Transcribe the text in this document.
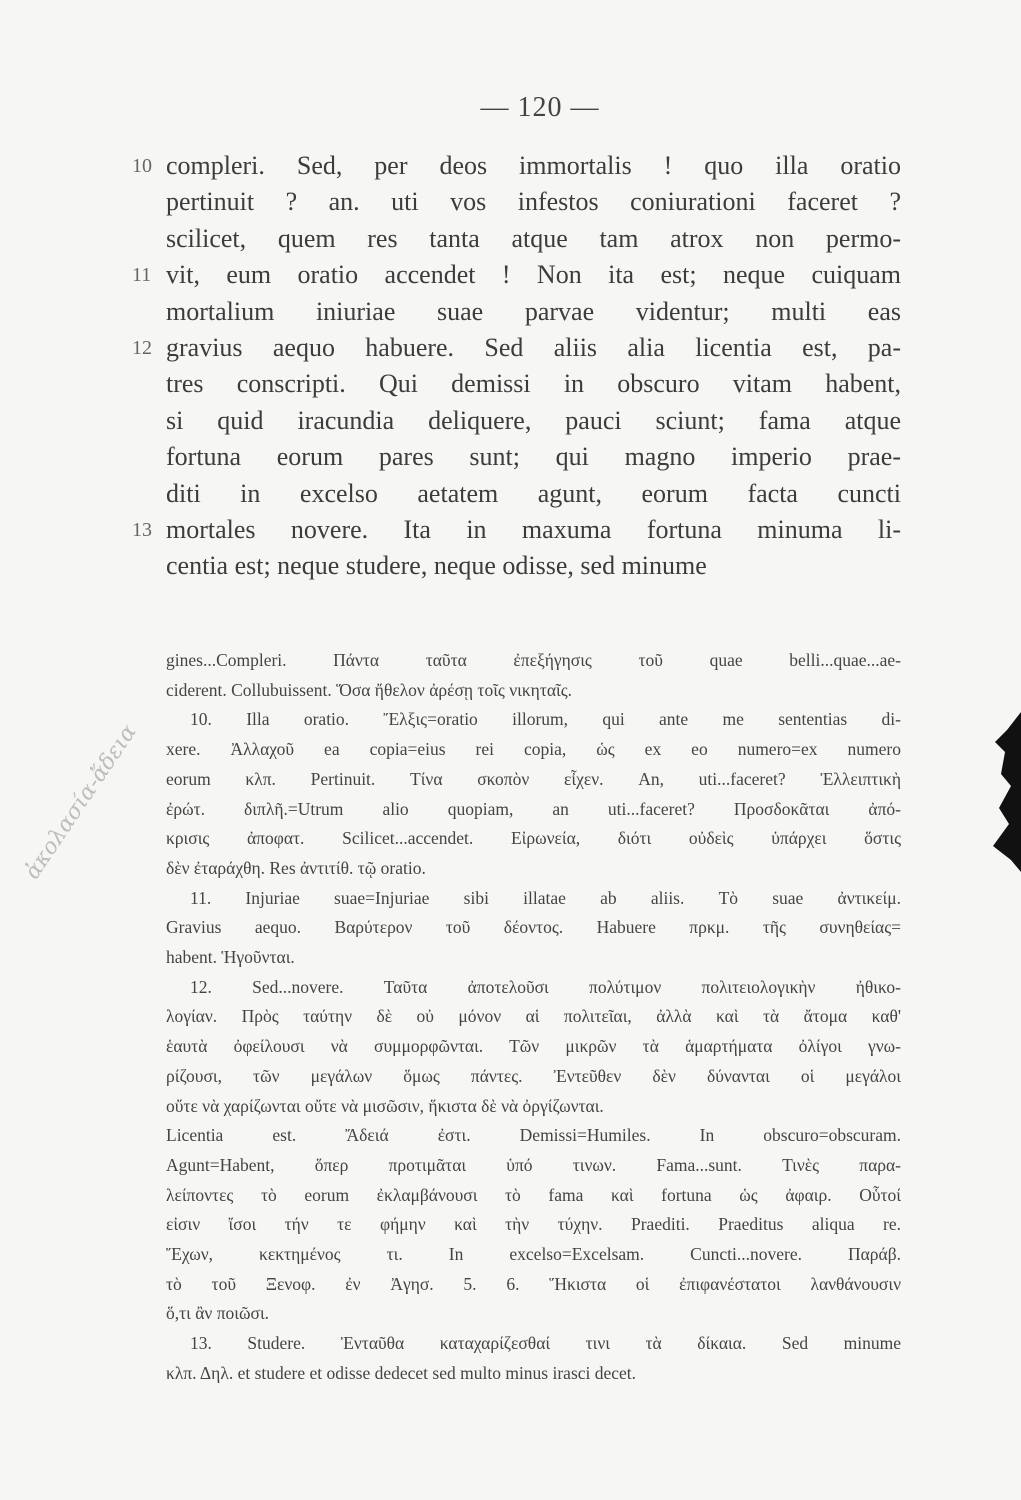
— 120 —
10 compleri. Sed, per deos immortalis ! quo illa oratio
pertinuit ? an. uti vos infestos coniurationi faceret ?
scilicet, quem res tanta atque tam atrox non permo-
11 vit, eum oratio accendet ! Non ita est; neque cuiquam
mortalium iniuriae suae parvae videntur; multi eas
12 gravius aequo habuere. Sed aliis alia licentia est, pa-
tres conscripti. Qui demissi in obscuro vitam habent,
si quid iracundia deliquere, pauci sciunt; fama atque
fortuna eorum pares sunt; qui magno imperio prae-
diti in excelso aetatem agunt, eorum facta cuncti
13 mortales novere. Ita in maxuma fortuna minuma li-
centia est; neque studere, neque odisse, sed minume
gines...Compleri. Πάντα ταῦτα ἐπεξήγησις τοῦ quae belli...quae...ae-
ciderent. Collubuissent. Ὅσα ἤθελον ἀρέσῃ τοῖς νικηταῖς.
10. Illa oratio. Ἔλξις=oratio illorum, qui ante me sententias di-
xere. Ἀλλαχοῦ ea copia=eius rei copia, ὡς ex eo numero=ex numero
eorum κλπ. Pertinuit. Τίνα σκοπὸν εἶχεν. An, uti...faceret? Ἐλλειπτικὴ
ἐρώτ. διπλῆ.=Utrum alio quopiam, an uti...faceret? Προσδοκᾶται ἀπό-
κρισις ἀποφατ. Scilicet...accendet. Εἰρωνεία, διότι οὐδεὶς ὑπάρχει ὅστις
δὲν ἐταράχθη. Res ἀντιτίθ. τῷ oratio.
11. Injuriae suae=Injuriae sibi illatae ab aliis. Τὸ suae ἀντικείμ.
Gravius aequo. Βαρύτερον τοῦ δέοντος. Habuere πρκμ. τῆς συνηθείας=
habent. Ἡγοῦνται.
12. Sed...novere. Ταῦτα ἀποτελοῦσι πολύτιμον πολιτειολογικὴν ἠθικο-
λογίαν. Πρὸς ταύτην δὲ οὐ μόνον αἱ πολιτεῖαι, ἀλλὰ καὶ τὰ ἄτομα καθ'
ἑαυτὰ ὀφείλουσι νὰ συμμορφῶνται. Τῶν μικρῶν τὰ ἁμαρτήματα ὀλίγοι γνω-
ρίζουσι, τῶν μεγάλων ὅμως πάντες. Ἐντεῦθεν δὲν δύνανται οἱ μεγάλοι
οὔτε νὰ χαρίζωνται οὔτε νὰ μισῶσιν, ἥκιστα δὲ νὰ ὀργίζωνται.
Licentia est. Ἄδειά ἐστι. Demissi=Humiles. In obscuro=obscuram.
Agunt=Habent, ὅπερ προτιμᾶται ὑπό τινων. Fama...sunt. Τινὲς παρα-
λείποντες τὸ eorum ἐκλαμβάνουσι τὸ fama καὶ fortuna ὡς ἀφαιρ. Οὗτοί
εἰσιν ἴσοι τήν τε φήμην καὶ τὴν τύχην. Praediti. Praeditus aliqua re.
Ἔχων, κεκτημένος τι. In excelso=Excelsam. Cuncti...novere. Παράβ.
τὸ τοῦ Ξενοφ. ἐν Ἀγησ. 5. 6. Ἥκιστα οἱ ἐπιφανέστατοι λανθάνουσιν
ὅ,τι ἂν ποιῶσι.
13. Studere. Ἐνταῦθα καταχαρίζεσθαί τινι τὰ δίκαια. Sed minume
κλπ. Δηλ. et studere et odisse dedecet sed multo minus irasci decet.
ἀκολασία-ἄδεια
